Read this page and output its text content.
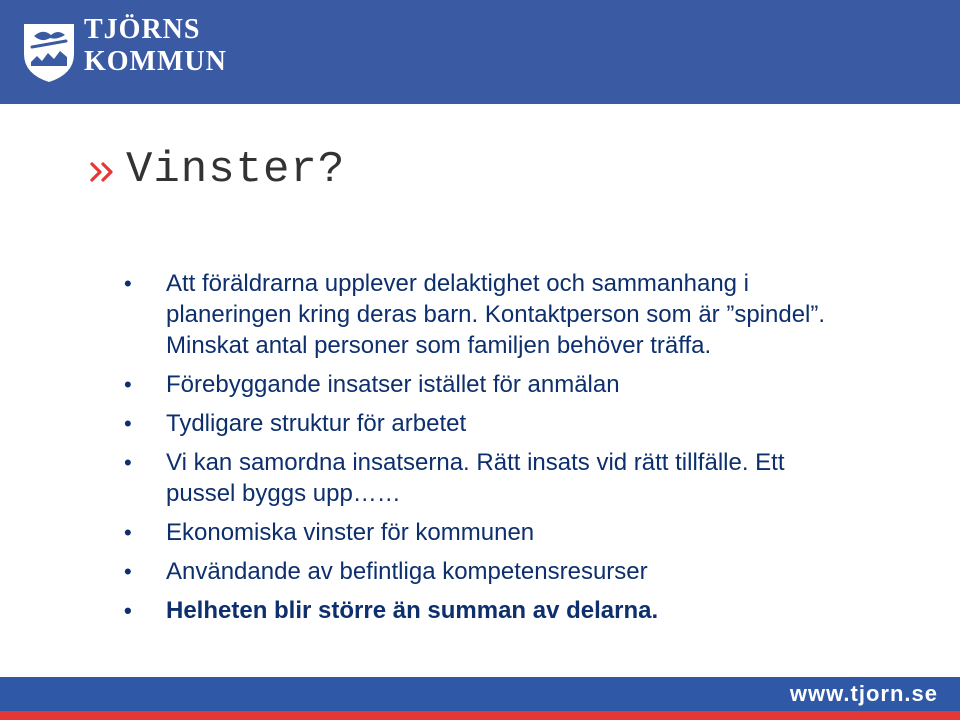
TJÖRNS
KOMMUN
Vinster?
• Att föräldrarna upplever delaktighet och sammanhang i planeringen kring deras barn. Kontaktperson som är ”spindel”. Minskat antal personer som familjen behöver träffa.
• Förebyggande insatser istället för anmälan
• Tydligare struktur för arbetet
• Vi kan samordna insatserna. Rätt insats vid rätt tillfälle. Ett pussel byggs upp……
• Ekonomiska vinster för kommunen
• Användande av befintliga kompetensresurser
• Helheten blir större än summan av delarna.
www.tjorn.se
